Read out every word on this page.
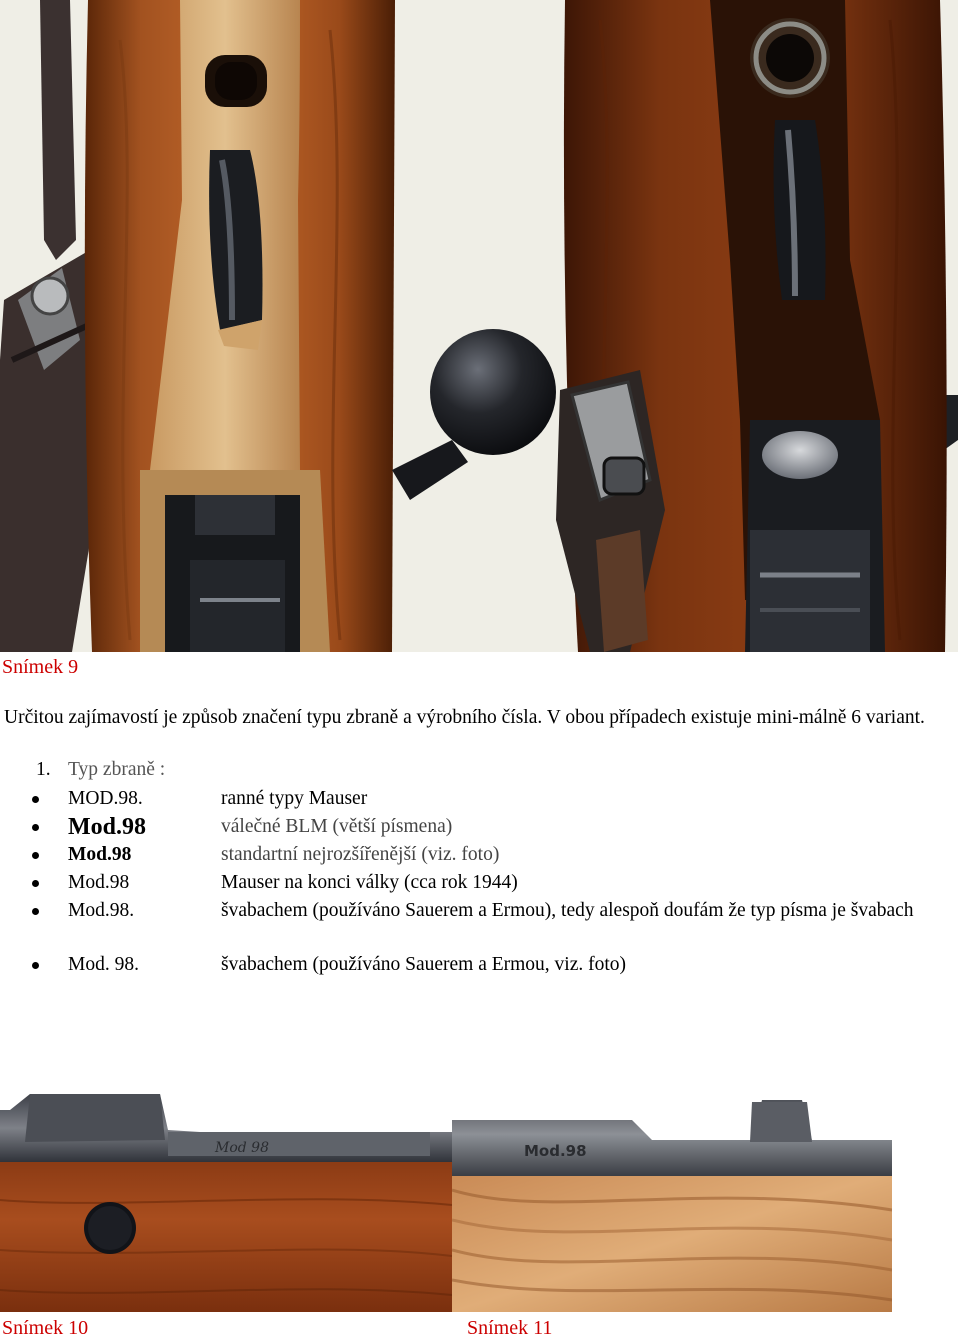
Snímek 9
Určitou zajímavostí je způsob značení typu zbraně a výrobního čísla. V obou případech existuje mini-málně 6 variant.
1. Typ zbraně :
MOD.98.	ranné typy Mauser
Mod.98	válečné BLM (větší písmena)
Mod.98	standartní nejrozšířenější (viz. foto)
Mod.98	Mauser na konci války (cca rok 1944)
Mod.98.	švabachem (používáno Sauerem a Ermou), tedy alespoň doufám že typ písma je švabach
Mod. 98.	švabachem (používáno Sauerem a Ermou, viz. foto)
Mod 98	Mod.98
Snímek 10	Snímek 11
